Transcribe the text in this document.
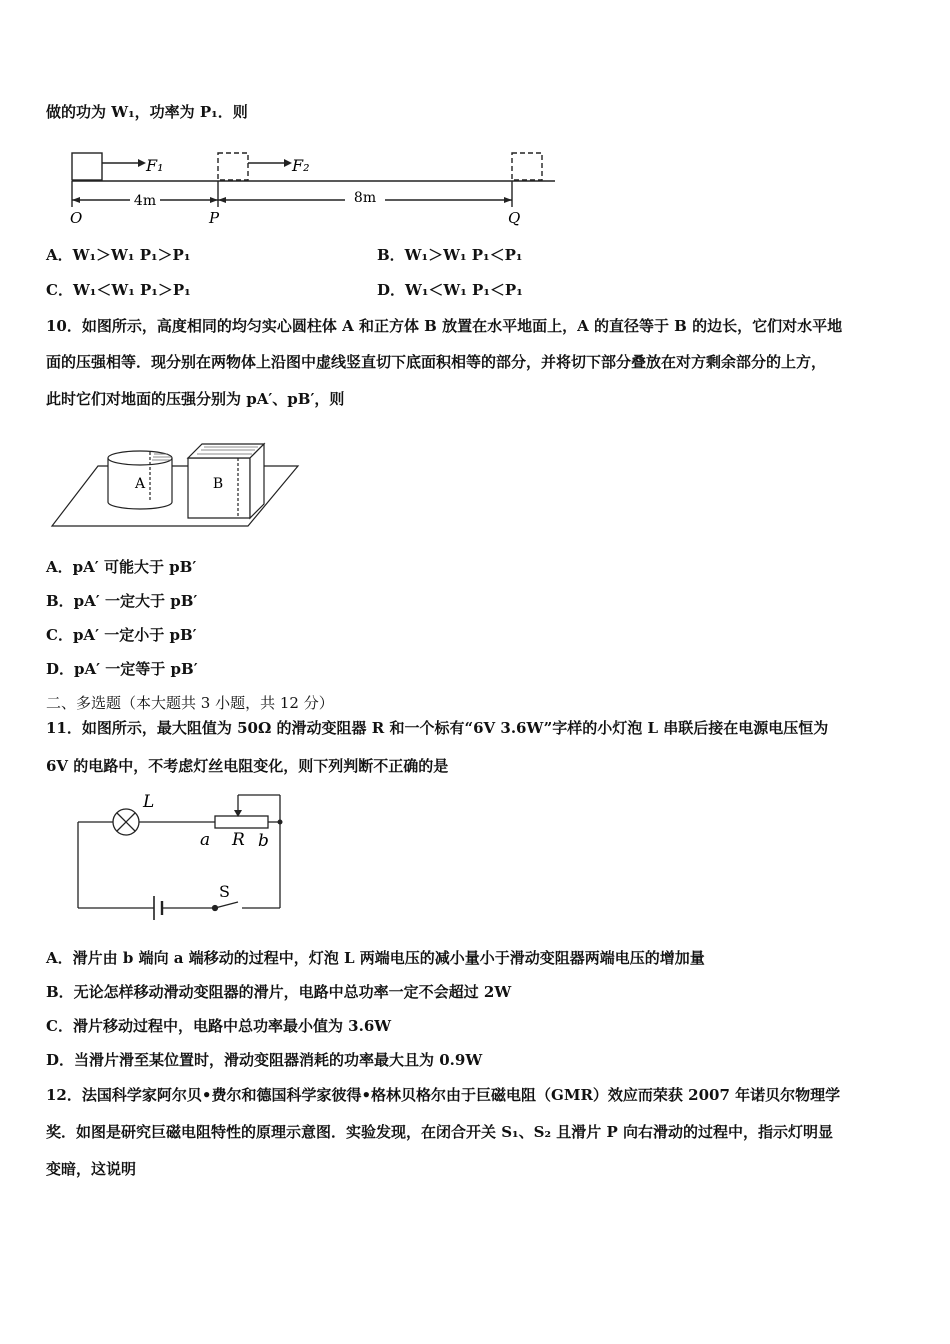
做的功为 W₁，功率为 P₁．则
F₁	F₂
4m	8m
O	P	Q
A．W₁＞W₁ P₁＞P₁	B．W₁＞W₁ P₁＜P₁
C．W₁＜W₁ P₁＞P₁	D．W₁＜W₁ P₁＜P₁
10．如图所示，高度相同的均匀实心圆柱体 A 和正方体 B 放置在水平地面上，A 的直径等于 B 的边长，它们对水平地
面的压强相等．现分别在两物体上沿图中虚线竖直切下底面积相等的部分，并将切下部分叠放在对方剩余部分的上方，
此时它们对地面的压强分别为 pA′、pB′，则
A	B
A．pA′ 可能大于 pB′
B．pA′ 一定大于 pB′
C．pA′ 一定小于 pB′
D．pA′ 一定等于 pB′
二、多选题（本大题共 3 小题，共 12 分）
11．如图所示，最大阻值为 50Ω 的滑动变阻器 R 和一个标有“6V 3.6W”字样的小灯泡 L 串联后接在电源电压恒为
6V 的电路中，不考虑灯丝电阻变化，则下列判断不正确的是
L
a R b
S
A．滑片由 b 端向 a 端移动的过程中，灯泡 L 两端电压的减小量小于滑动变阻器两端电压的增加量
B．无论怎样移动滑动变阻器的滑片，电路中总功率一定不会超过 2W
C．滑片移动过程中，电路中总功率最小值为 3.6W
D．当滑片滑至某位置时，滑动变阻器消耗的功率最大且为 0.9W
12．法国科学家阿尔贝•费尔和德国科学家彼得•格林贝格尔由于巨磁电阻（GMR）效应而荣获 2007 年诺贝尔物理学
奖．如图是研究巨磁电阻特性的原理示意图．实验发现，在闭合开关 S₁、S₂ 且滑片 P 向右滑动的过程中，指示灯明显
变暗，这说明
